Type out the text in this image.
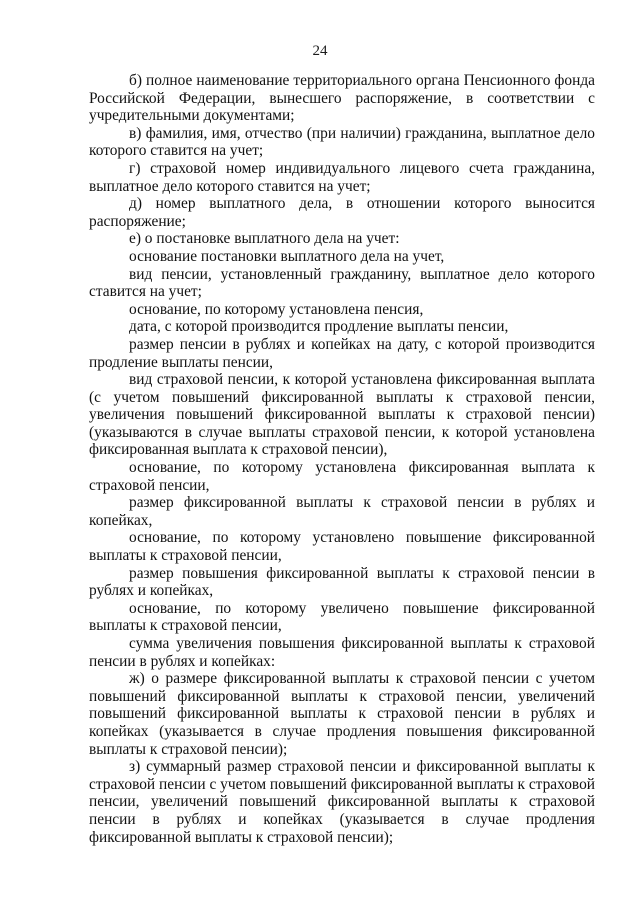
24

б) полное наименование территориального органа Пенсионного фонда Российской Федерации, вынесшего распоряжение, в соответствии с учредительными документами;

в) фамилия, имя, отчество (при наличии) гражданина, выплатное дело которого ставится на учет;

г) страховой номер индивидуального лицевого счета гражданина, выплатное дело которого ставится на учет;

д) номер выплатного дела, в отношении которого выносится распоряжение;

е) о постановке выплатного дела на учет:

основание постановки выплатного дела на учет,

вид пенсии, установленный гражданину, выплатное дело которого ставится на учет;

основание, по которому установлена пенсия,

дата, с которой производится продление выплаты пенсии,

размер пенсии в рублях и копейках на дату, с которой производится продление выплаты пенсии,

вид страховой пенсии, к которой установлена фиксированная выплата (с учетом повышений фиксированной выплаты к страховой пенсии, увеличения повышений фиксированной выплаты к страховой пенсии) (указываются в случае выплаты страховой пенсии, к которой установлена фиксированная выплата к страховой пенсии),

основание, по которому установлена фиксированная выплата к страховой пенсии,

размер фиксированной выплаты к страховой пенсии в рублях и копейках,

основание, по которому установлено повышение фиксированной выплаты к страховой пенсии,

размер повышения фиксированной выплаты к страховой пенсии в рублях и копейках,

основание, по которому увеличено повышение фиксированной выплаты к страховой пенсии,

сумма увеличения повышения фиксированной выплаты к страховой пенсии в рублях и копейках:

ж) о размере фиксированной выплаты к страховой пенсии с учетом повышений фиксированной выплаты к страховой пенсии, увеличений повышений фиксированной выплаты к страховой пенсии в рублях и копейках (указывается в случае продления повышения фиксированной выплаты к страховой пенсии);

з) суммарный размер страховой пенсии и фиксированной выплаты к страховой пенсии с учетом повышений фиксированной выплаты к страховой пенсии, увеличений повышений фиксированной выплаты к страховой пенсии в рублях и копейках (указывается в случае продления фиксированной выплаты к страховой пенсии);
